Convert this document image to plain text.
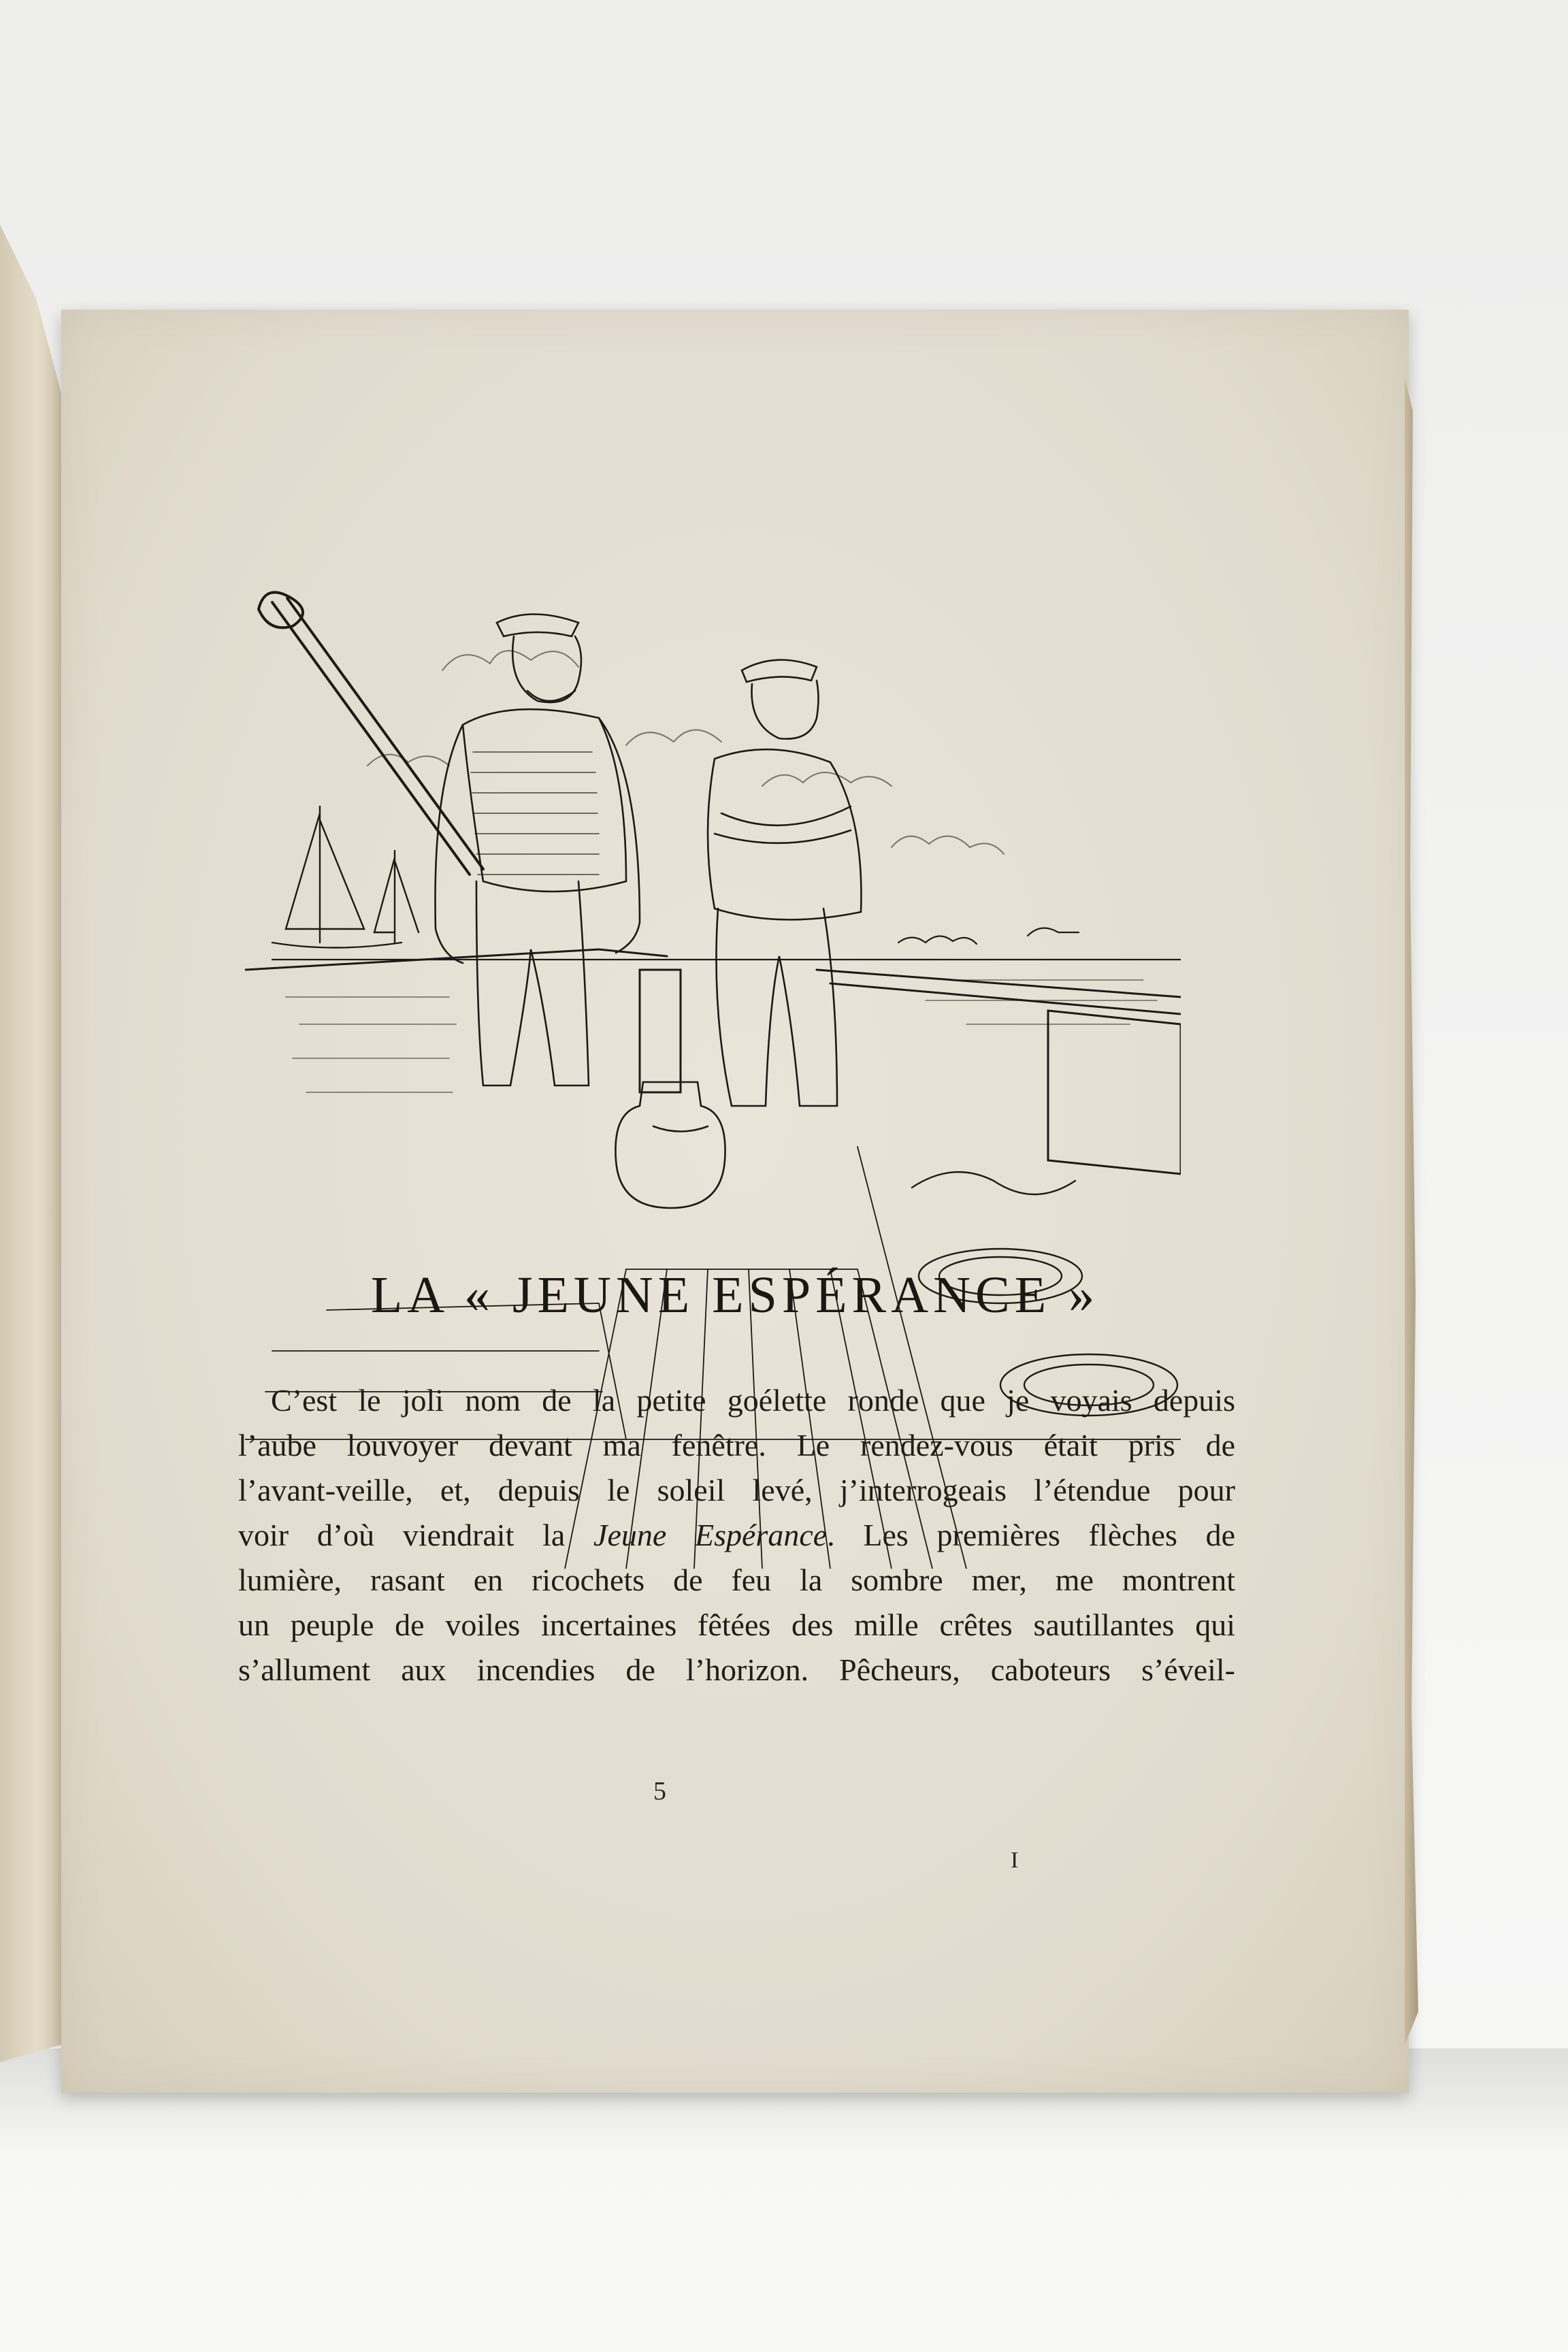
LA « JEUNE ESPÉRANCE »
C’est le joli nom de la petite goélette ronde que je voyais depuis
l’aube louvoyer devant ma fenêtre. Le rendez-vous était pris de
l’avant-veille, et, depuis le soleil levé, j’interrogeais l’étendue pour
voir d’où viendrait la Jeune Espérance. Les premières flèches de
lumière, rasant en ricochets de feu la sombre mer, me montrent
un peuple de voiles incertaines fêtées des mille crêtes sautillantes qui
s’allument aux incendies de l’horizon. Pêcheurs, caboteurs s’éveil-
5
I
